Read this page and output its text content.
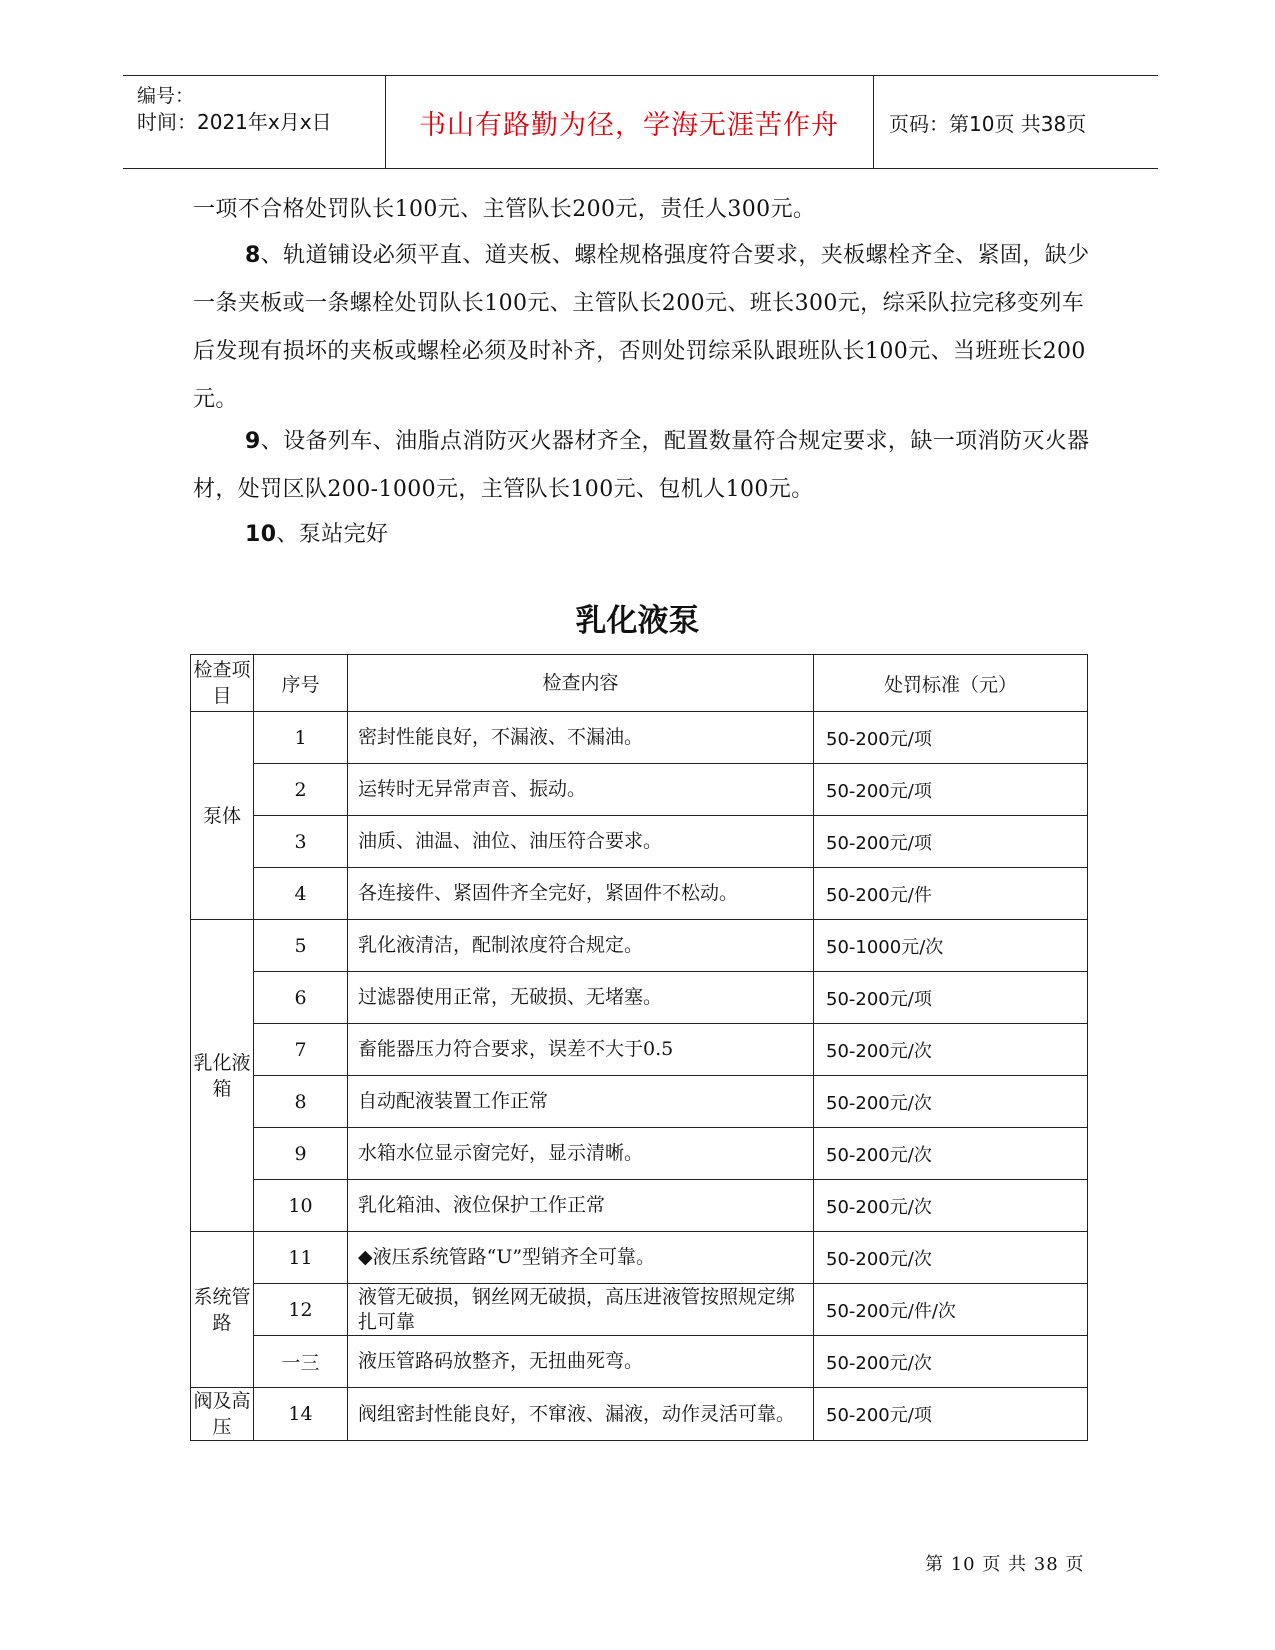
编号：
时间：2021年x月x日	书山有路勤为径，学海无涯苦作舟	页码：第10页 共38页

一项不合格处罚队长100元、主管队长200元，责任人300元。

8、轨道铺设必须平直、道夹板、螺栓规格强度符合要求，夹板螺栓齐全、紧固，缺少一条夹板或一条螺栓处罚队长100元、主管队长200元、班长300元，综采队拉完移变列车后发现有损坏的夹板或螺栓必须及时补齐，否则处罚综采队跟班队长100元、当班班长200元。

9、设备列车、油脂点消防灭火器材齐全，配置数量符合规定要求，缺一项消防灭火器材，处罚区队200-1000元，主管队长100元、包机人100元。

10、泵站完好

乳化液泵
检查项目	序号	检查内容	处罚标准（元）
泵体	1	密封性能良好，不漏液、不漏油。	50-200元/项
	2	运转时无异常声音、振动。	50-200元/项
	3	油质、油温、油位、油压符合要求。	50-200元/项
	4	各连接件、紧固件齐全完好，紧固件不松动。	50-200元/件
乳化液箱	5	乳化液清洁，配制浓度符合规定。	50-1000元/次
	6	过滤器使用正常，无破损、无堵塞。	50-200元/项
	7	畜能器压力符合要求，误差不大于0.5	50-200元/次
	8	自动配液装置工作正常	50-200元/次
	9	水箱水位显示窗完好，显示清晰。	50-200元/次
	10	乳化箱油、液位保护工作正常	50-200元/次
系统管路	11	◆液压系统管路“U”型销齐全可靠。	50-200元/次
	12	液管无破损，钢丝网无破损，高压进液管按照规定绑扎可靠	50-200元/件/次
	一三	液压管路码放整齐，无扭曲死弯。	50-200元/次
阀及高压	14	阀组密封性能良好，不窜液、漏液，动作灵活可靠。	50-200元/项
第 10 页 共 38 页
